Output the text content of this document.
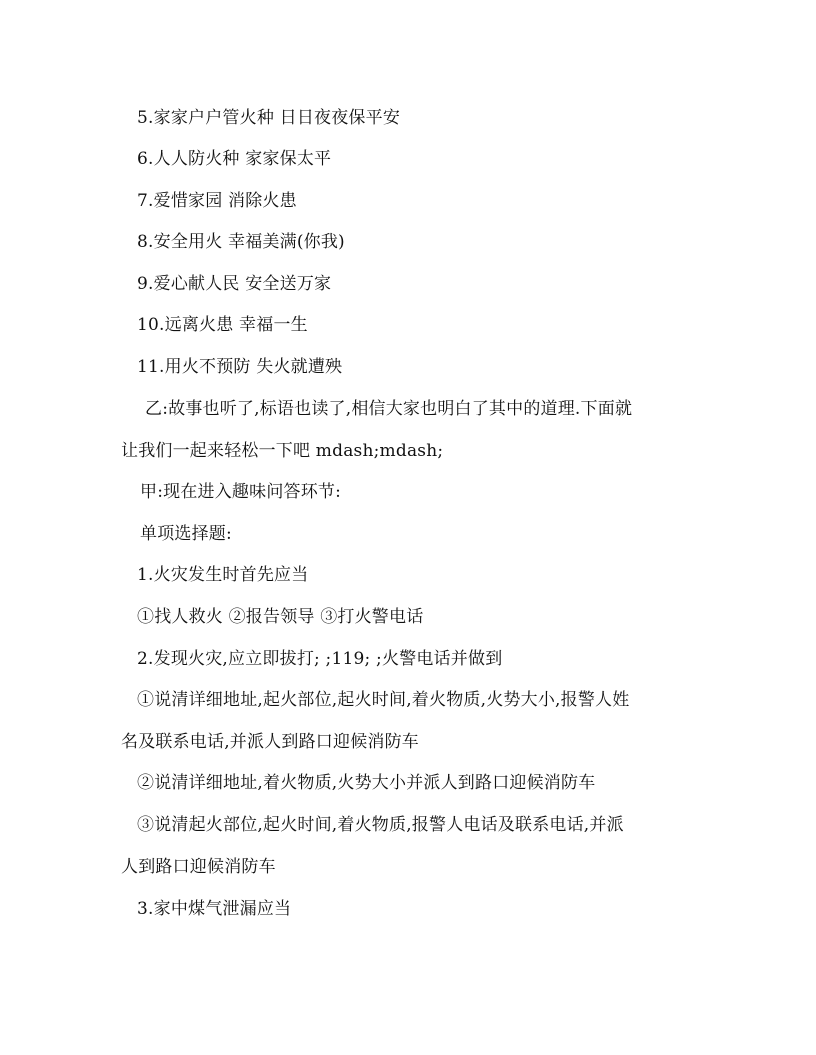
5.家家户户管火种 日日夜夜保平安
6.人人防火种 家家保太平
7.爱惜家园 消除火患
8.安全用火 幸福美满(你我)
9.爱心献人民 安全送万家
10.远离火患 幸福一生
11.用火不预防 失火就遭殃
乙:故事也听了,标语也读了,相信大家也明白了其中的道理.下面就
让我们一起来轻松一下吧 mdash;mdash;
甲:现在进入趣味问答环节:
单项选择题:
1.火灾发生时首先应当
①找人救火 ②报告领导 ③打火警电话
2.发现火灾,应立即拔打; ;119; ;火警电话并做到
①说清详细地址,起火部位,起火时间,着火物质,火势大小,报警人姓
名及联系电话,并派人到路口迎候消防车
②说清详细地址,着火物质,火势大小并派人到路口迎候消防车
③说清起火部位,起火时间,着火物质,报警人电话及联系电话,并派
人到路口迎候消防车
3.家中煤气泄漏应当
